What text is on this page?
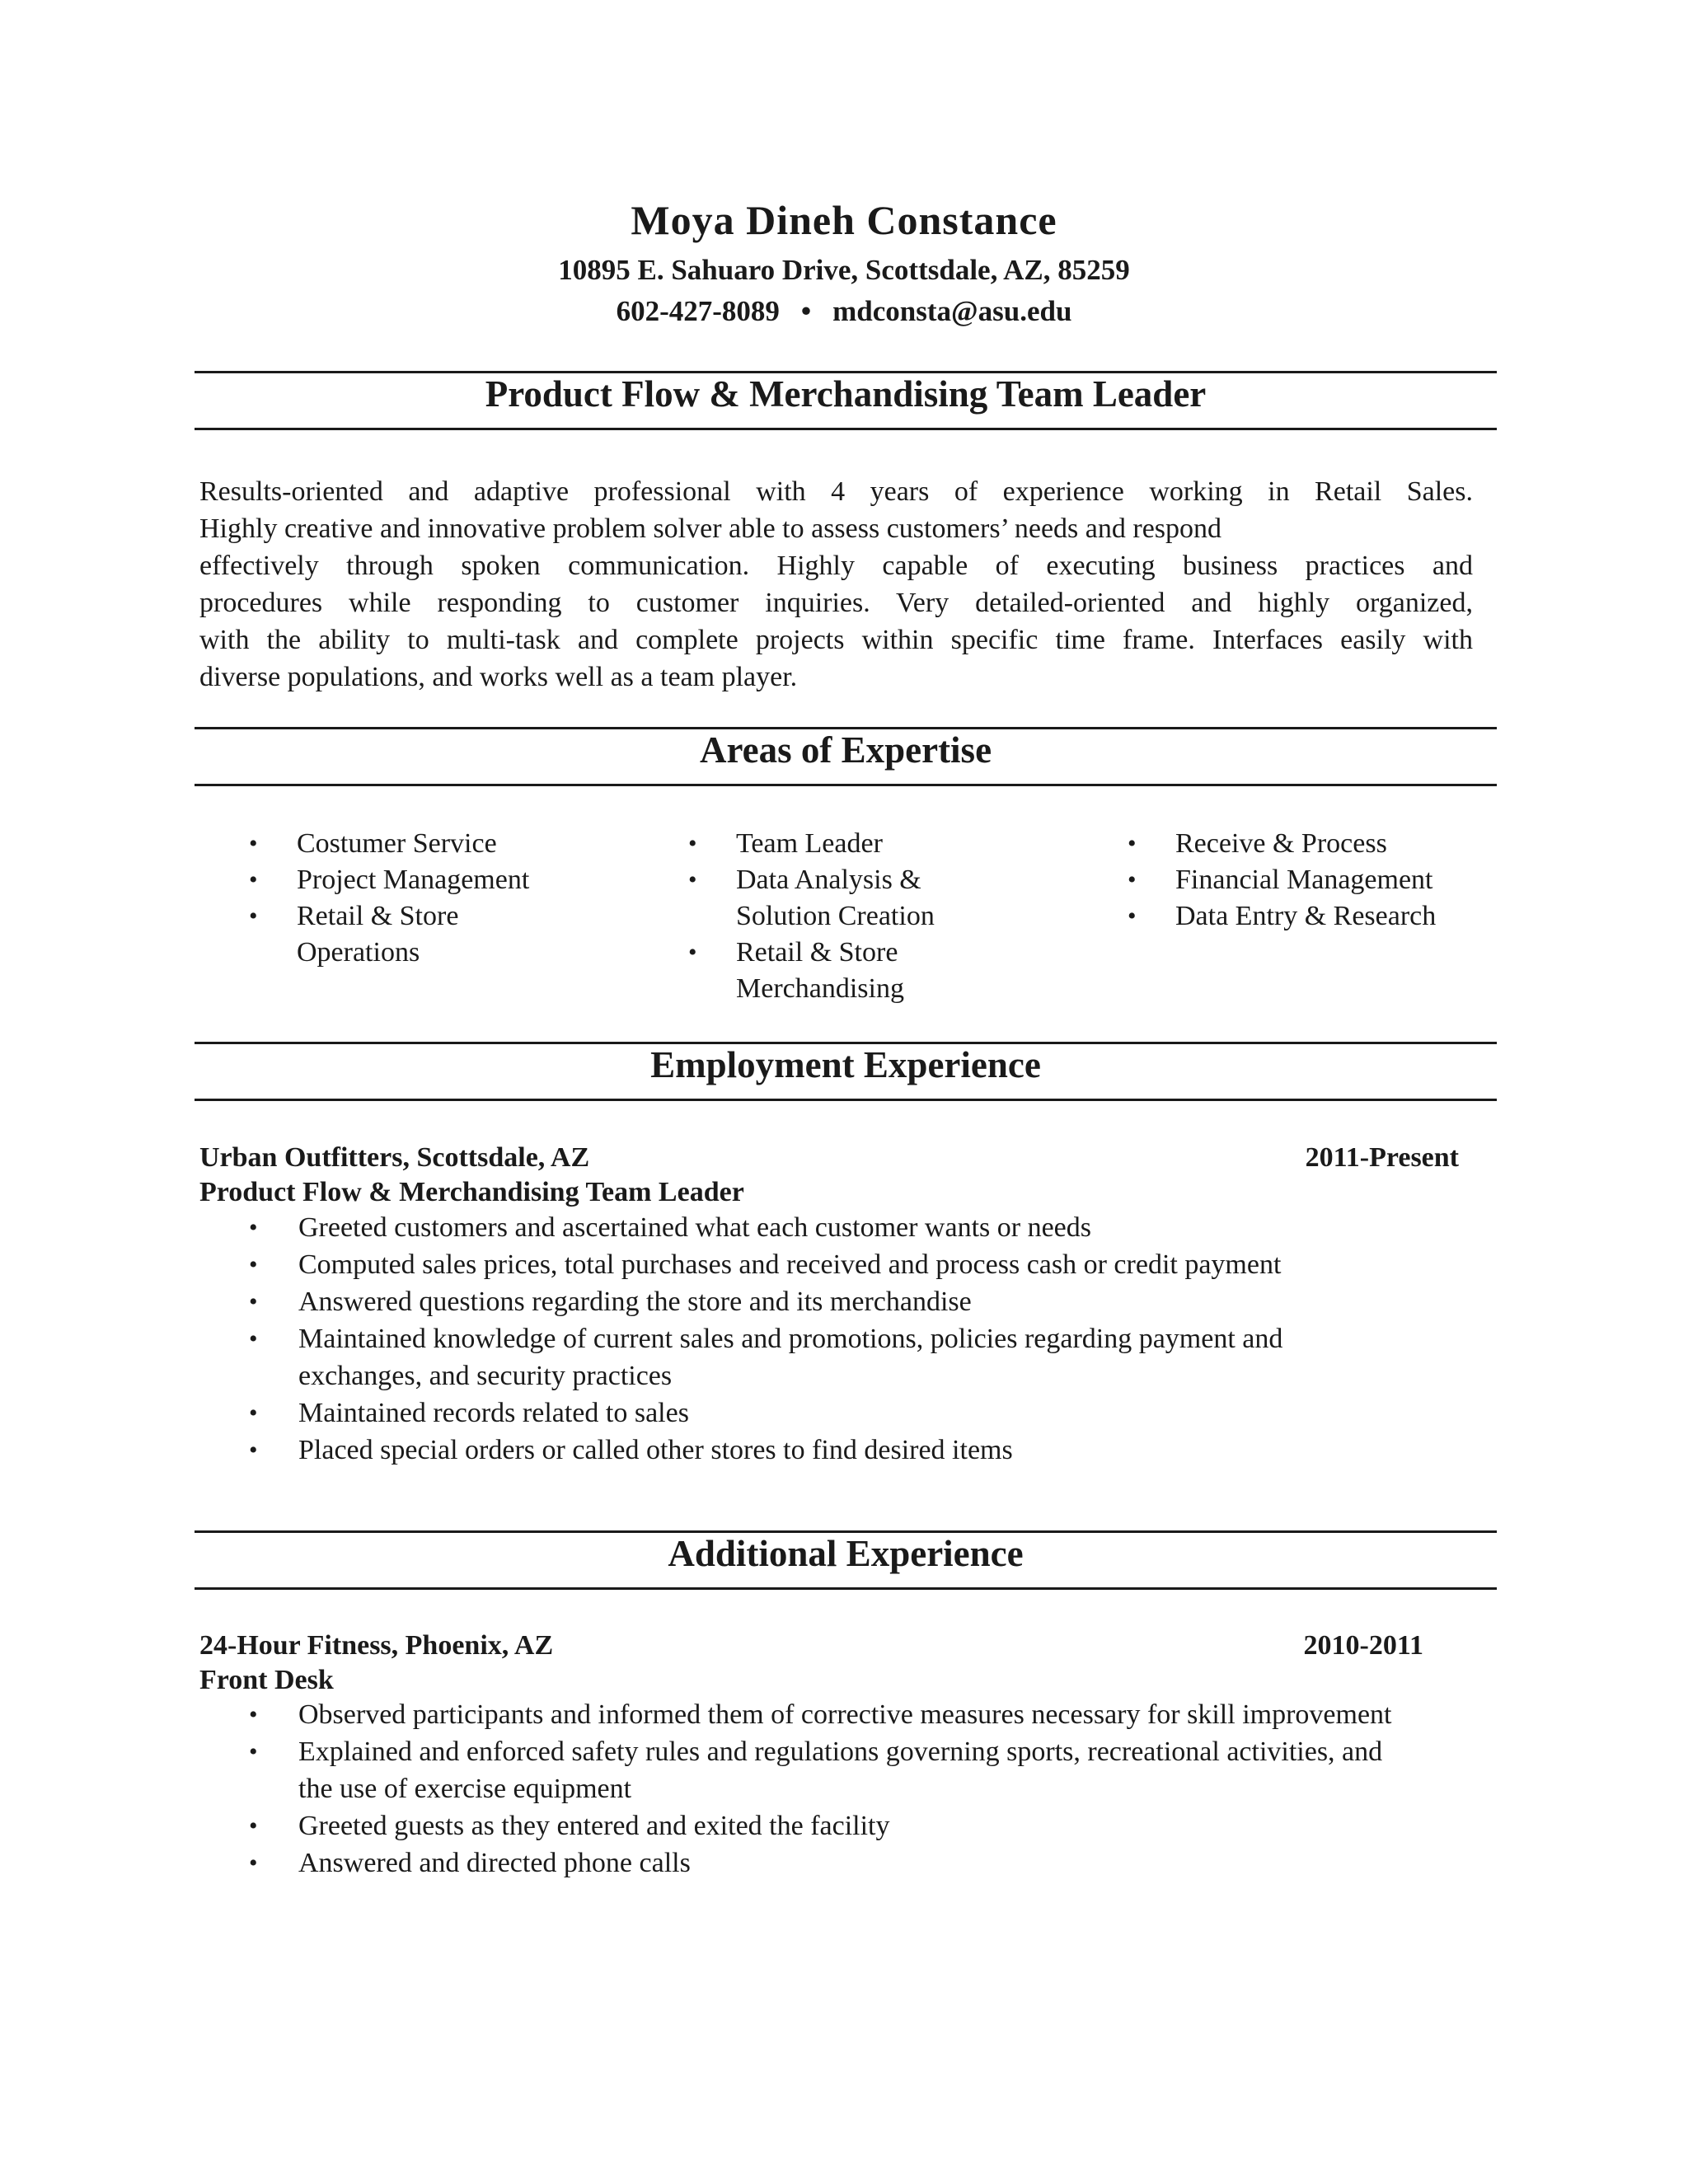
Moya Dineh Constance
10895 E. Sahuaro Drive, Scottsdale, AZ, 85259
602-427-8089 • mdconsta@asu.edu
Product Flow & Merchandising Team Leader
Results-oriented and adaptive professional with 4 years of experience working in Retail Sales.
Highly creative and innovative problem solver able to assess customers’ needs and respond
effectively through spoken communication. Highly capable of executing business practices and
procedures while responding to customer inquiries. Very detailed-oriented and highly organized,
with the ability to multi-task and complete projects within specific time frame. Interfaces easily with
diverse populations, and works well as a team player.
Areas of Expertise
• Costumer Service
• Project Management
• Retail & Store
Operations
• Team Leader
• Data Analysis &
Solution Creation
• Retail & Store
Merchandising
• Receive & Process
• Financial Management
• Data Entry & Research
Employment Experience
Urban Outfitters, Scottsdale, AZ	2011-Present
Product Flow & Merchandising Team Leader
• Greeted customers and ascertained what each customer wants or needs
• Computed sales prices, total purchases and received and process cash or credit payment
• Answered questions regarding the store and its merchandise
• Maintained knowledge of current sales and promotions, policies regarding payment and
exchanges, and security practices
• Maintained records related to sales
• Placed special orders or called other stores to find desired items
Additional Experience
24-Hour Fitness, Phoenix, AZ	2010-2011
Front Desk
• Observed participants and informed them of corrective measures necessary for skill improvement
• Explained and enforced safety rules and regulations governing sports, recreational activities, and
the use of exercise equipment
• Greeted guests as they entered and exited the facility
• Answered and directed phone calls
